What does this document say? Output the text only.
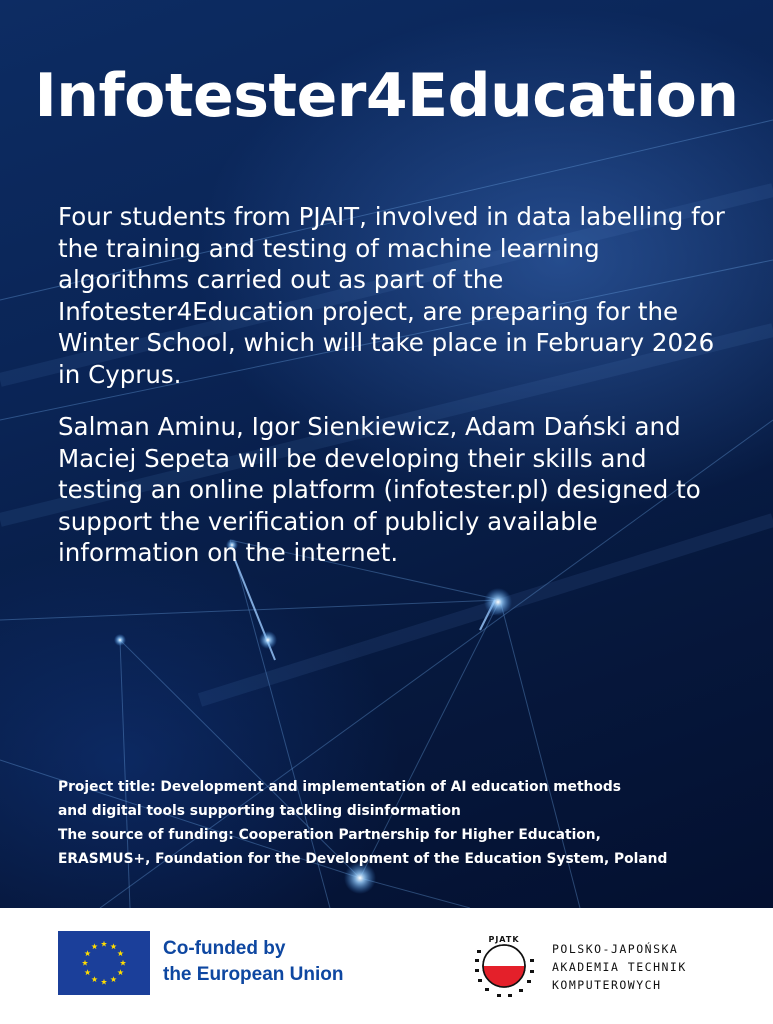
Infotester4Education

Four students from PJAIT, involved in data labelling for the training and testing of machine learning algorithms carried out as part of the Infotester4Education project, are preparing for the Winter School, which will take place in February 2026 in Cyprus.

Salman Aminu, Igor Sienkiewicz, Adam Dański and Maciej Sepeta will be developing their skills and testing an online platform (infotester.pl) designed to support the verification of publicly available information on the internet.

Project title: Development and implementation of AI education methods
and digital tools supporting tackling disinformation
The source of funding: Cooperation Partnership for Higher Education,
ERASMUS+, Foundation for the Development of the Education System, Poland
Co-funded by
the European Union
PJATK
POLSKO-JAPOŃSKA
AKADEMIA TECHNIK
KOMPUTEROWYCH
